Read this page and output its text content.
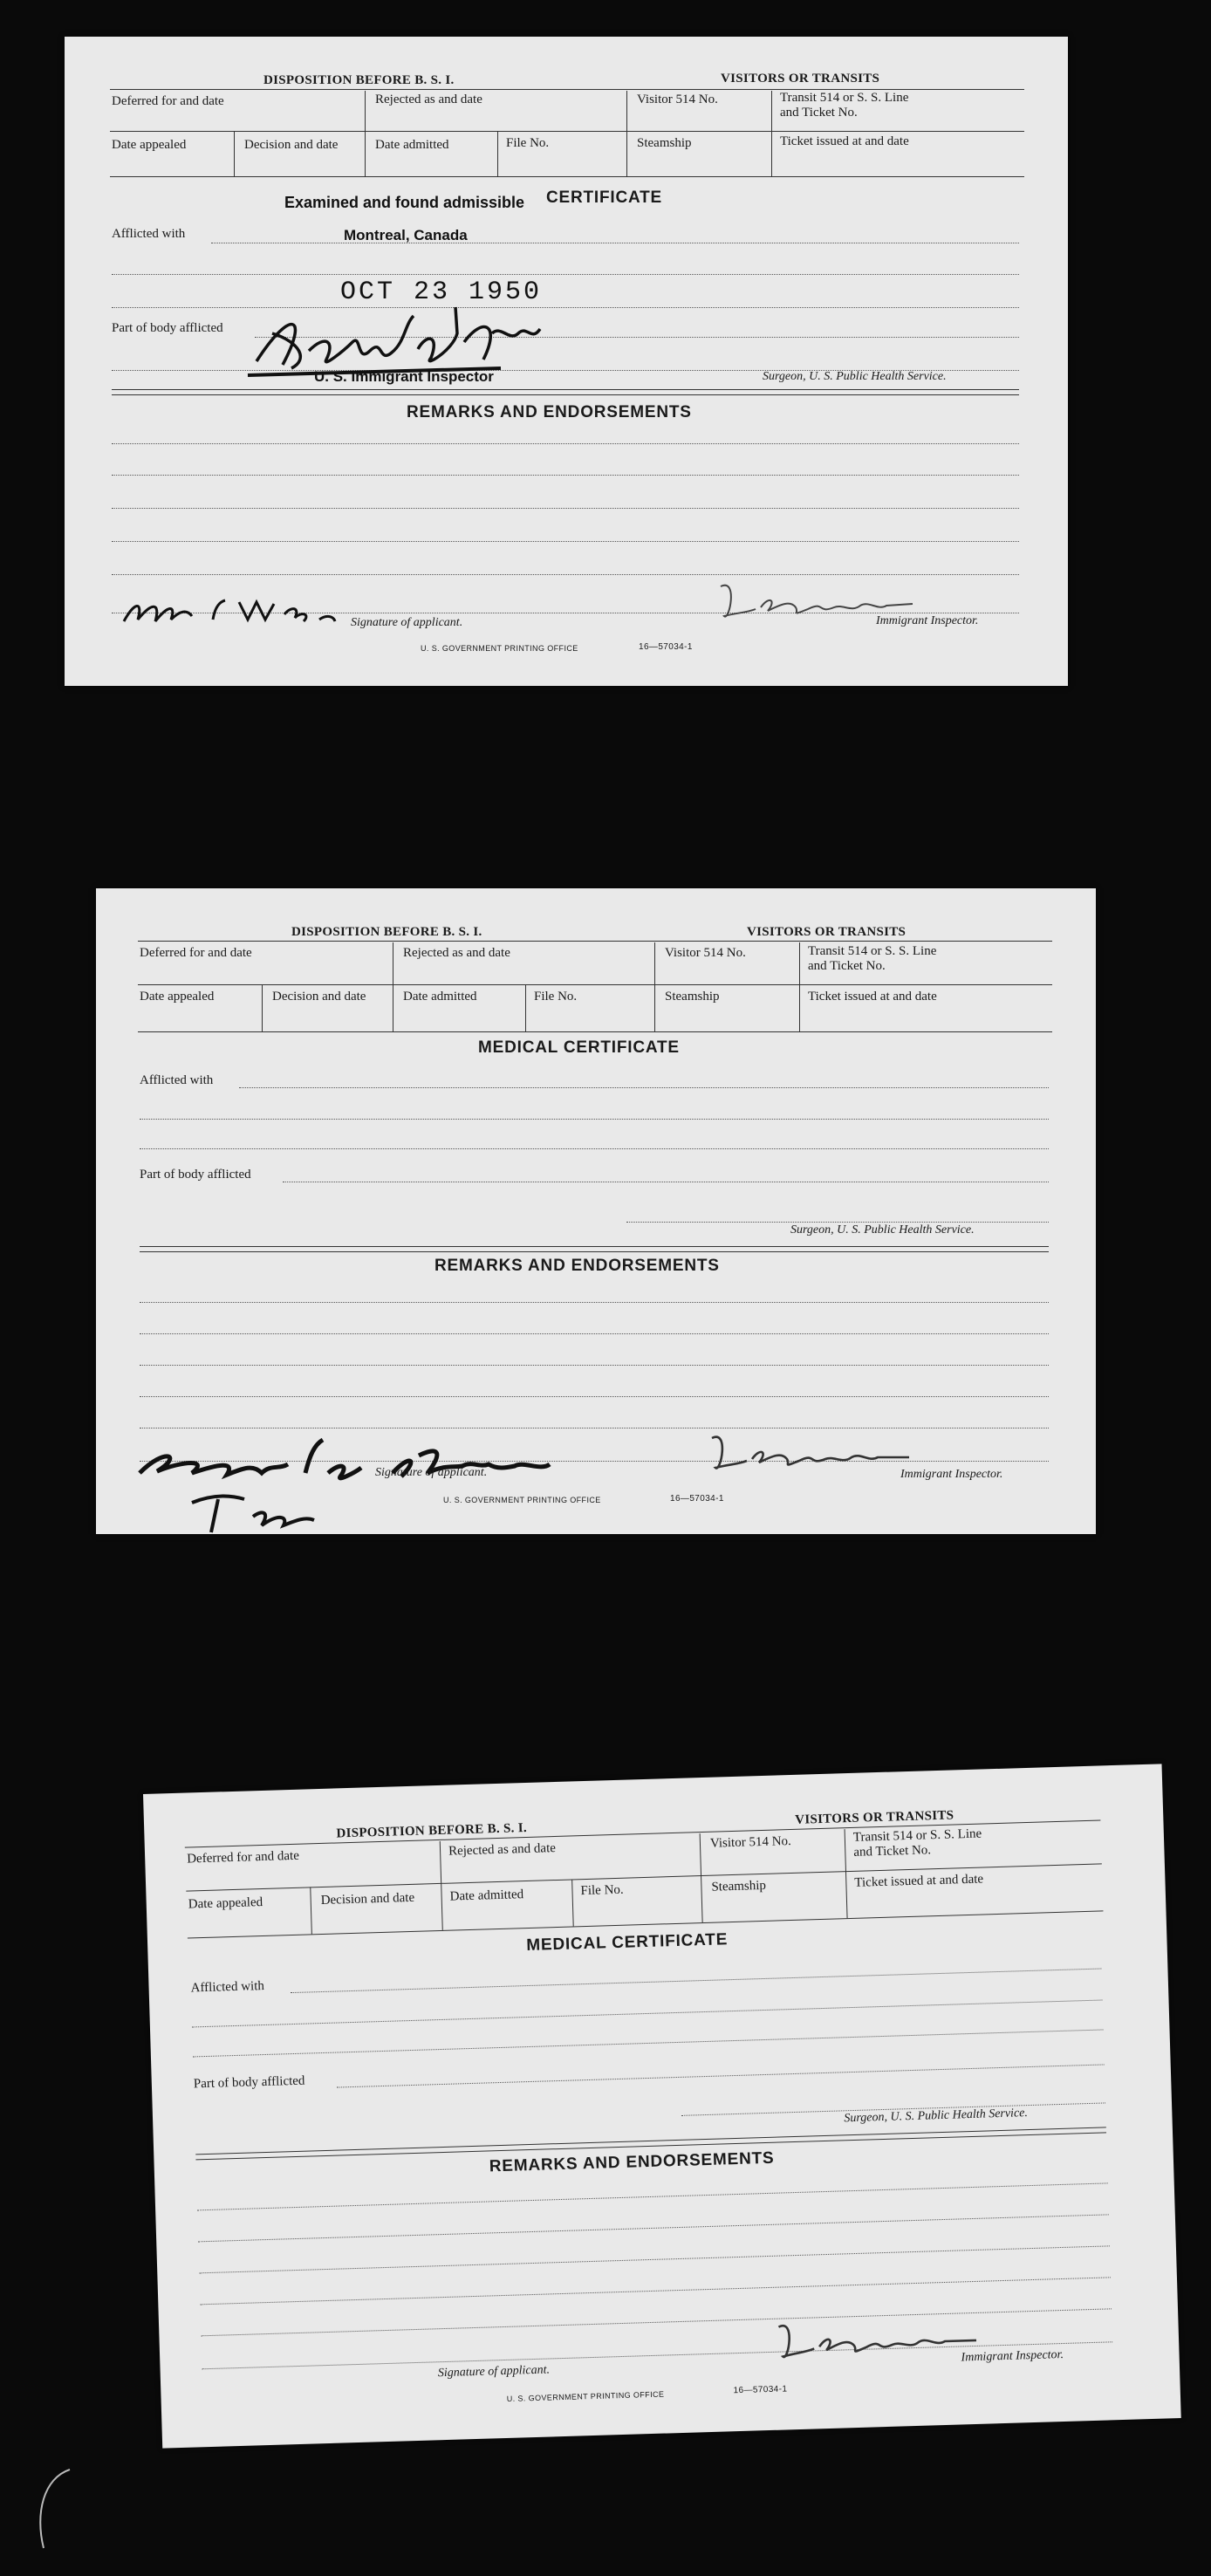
DISPOSITION BEFORE B. S. I.	VISITORS OR TRANSITS
Deferred for and date	Rejected as and date	Visitor 514 No.	Transit 514 or S. S. Line
and Ticket No.
Date appealed	Decision and date	Date admitted	File No.	Steamship	Ticket issued at and date
Examined and found admissible CERTIFICATE
Montreal, Canada
OCT 23 1950
U. S. Immigrant Inspector
Afflicted with
Part of body afflicted
Surgeon, U. S. Public Health Service.
REMARKS AND ENDORSEMENTS
Signature of applicant.	Immigrant Inspector.
U. S. GOVERNMENT PRINTING OFFICE	16—57034-1
DISPOSITION BEFORE B. S. I.	VISITORS OR TRANSITS
Deferred for and date	Rejected as and date	Visitor 514 No.	Transit 514 or S. S. Line
and Ticket No.
Date appealed	Decision and date	Date admitted	File No.	Steamship	Ticket issued at and date
MEDICAL CERTIFICATE
Afflicted with
Part of body afflicted
Surgeon, U. S. Public Health Service.
REMARKS AND ENDORSEMENTS
Signature of applicant.	Immigrant Inspector.
U. S. GOVERNMENT PRINTING OFFICE	16—57034-1
DISPOSITION BEFORE B. S. I.
VISITORS OR TRANSITS
Deferred for and date	Rejected as and date	Visitor 514 No.	Transit 514 or S. S. Line
and Ticket No.
Date appealed	Decision and date	Date admitted	File No.	Steamship	Ticket issued at and date
MEDICAL CERTIFICATE
Afflicted with
Part of body afflicted
Surgeon, U. S. Public Health Service.
REMARKS AND ENDORSEMENTS
Signature of applicant.
Immigrant Inspector.
U. S. GOVERNMENT PRINTING OFFICE	16—57034-1
